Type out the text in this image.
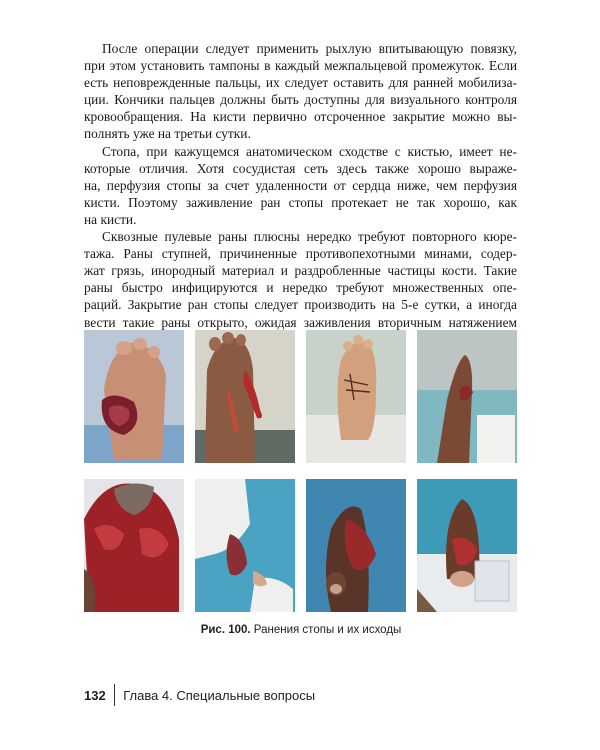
После операции следует применить рыхлую впитывающую повязку,
при этом установить тампоны в каждый межпальцевой промежуток. Если
есть неповрежденные пальцы, их следует оставить для ранней мобилиза-
ции. Кончики пальцев должны быть доступны для визуального контроля
кровообращения. На кисти первично отсроченное закрытие можно вы-
полнять уже на третьи сутки.

Стопа, при кажущемся анатомическом сходстве с кистью, имеет не-
которые отличия. Хотя сосудистая сеть здесь также хорошо выраже-
на, перфузия стопы за счет удаленности от сердца ниже, чем перфузия
кисти. Поэтому заживление ран стопы протекает не так хорошо, как
на кисти.

Сквозные пулевые раны плюсны нередко требуют повторного кюре-
тажа. Раны ступней, причиненные противопехотными минами, содер-
жат грязь, инородный материал и раздробленные частицы кости. Такие
раны быстро инфицируются и нередко требуют множественных опе-
раций. Закрытие ран стопы следует производить на 5-е сутки, а иногда
вести такие раны открыто, ожидая заживления вторичным натяжением

Рис. 100. Ранения стопы и их исходы
132	Глава 4. Специальные вопросы
